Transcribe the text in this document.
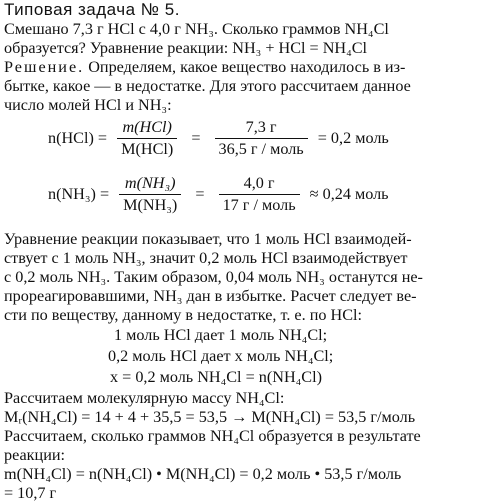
Типовая задача № 5.
Смешано 7,3 г HCl с 4,0 г NH₃. Сколько граммов NH₄Cl
образуется? Уравнение реакции: NH₃ + HCl = NH₄Cl
Решение. Определяем, какое вещество находилось в из-
бытке, какое — в недостатке. Для этого рассчитаем данное
число молей HCl и NH₃:
$n(HCl) = \frac{\text{m(HCl)}}{\text{M(HCl)}} = \frac{7,3 г}{\text{36,5 г / моль}} = 0,2$ моль
$n(NH_3) = \frac{\text{m(NH₃)}}{\text{M(NH₃)}} = \frac{4,0 г}{\text{17 г / моль}} \approx 0,24$ моль
Уравнение реакции показывает, что 1 моль HCl взаимодей-
ствует с 1 моль NH₃, значит 0,2 моль HCl взаимодействует
с 0,2 моль NH₃. Таким образом, 0,04 моль NH₃ останутся не-
прореагировавшими, NH₃ дан в избытке. Расчет следует ве-
сти по веществу, данному в недостатке, т. е. по HCl:
1 моль HCl дает 1 моль NH₄Cl;
0,2 моль HCl дает x моль NH₄Cl;
x = 0,2 моль NH₄Cl = n(NH₄Cl)
Рассчитаем молекулярную массу NH₄Cl:
Mᵣ(NH₄Cl) = 14 + 4 + 35,5 = 53,5 → M(NH₄Cl) = 53,5 г/моль
Рассчитаем, сколько граммов NH₄Cl образуется в результате
реакции:
m(NH₄Cl) = n(NH₄Cl) • M(NH₄Cl) = 0,2 моль • 53,5 г/моль
= 10,7 г
